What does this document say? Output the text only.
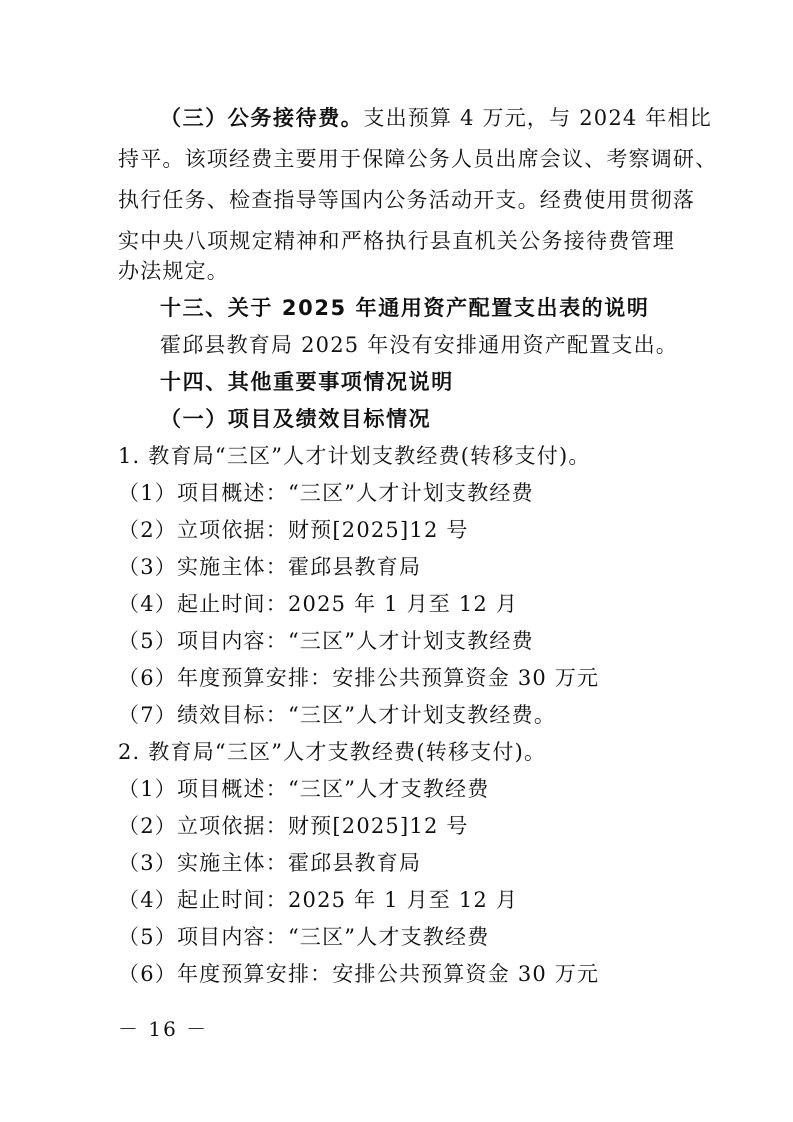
（三）公务接待费。支出预算 4 万元，与 2024 年相比
持平。该项经费主要用于保障公务人员出席会议、考察调研、
执行任务、检查指导等国内公务活动开支。经费使用贯彻落
实中央八项规定精神和严格执行县直机关公务接待费管理
办法规定。
十三、关于 2025 年通用资产配置支出表的说明
霍邱县教育局 2025 年没有安排通用资产配置支出。
十四、其他重要事项情况说明
（一）项目及绩效目标情况
1. 教育局“三区”人才计划支教经费(转移支付)。
（1）项目概述：“三区”人才计划支教经费
（2）立项依据：财预[2025]12 号
（3）实施主体：霍邱县教育局
（4）起止时间：2025 年 1 月至 12 月
（5）项目内容：“三区”人才计划支教经费
（6）年度预算安排：安排公共预算资金 30 万元
（7）绩效目标：“三区”人才计划支教经费。
2. 教育局“三区”人才支教经费(转移支付)。
（1）项目概述：“三区”人才支教经费
（2）立项依据：财预[2025]12 号
（3）实施主体：霍邱县教育局
（4）起止时间：2025 年 1 月至 12 月
（5）项目内容：“三区”人才支教经费
（6）年度预算安排：安排公共预算资金 30 万元
－ 16 －
